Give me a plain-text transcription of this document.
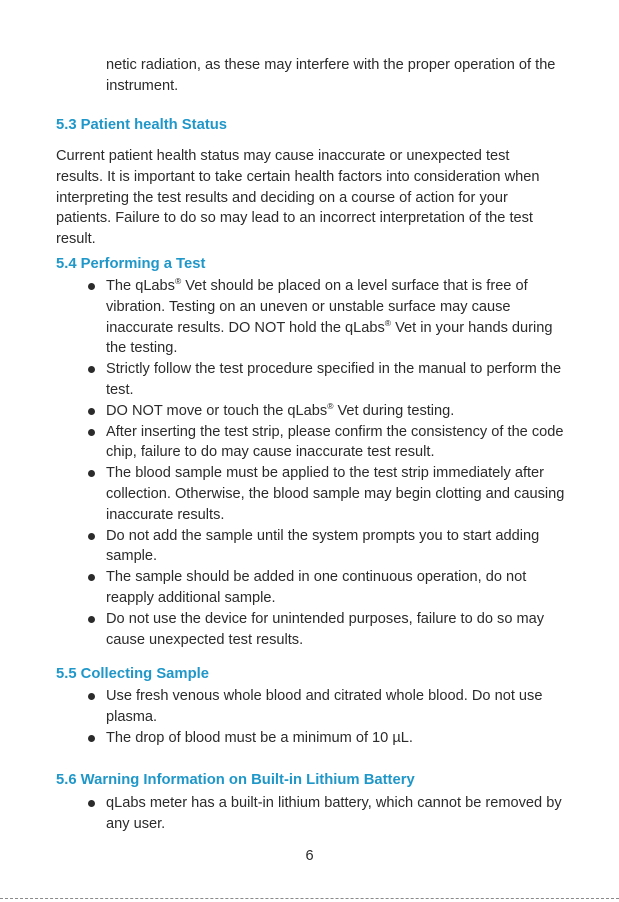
netic radiation, as these may interfere with the proper operation of the instrument.

5.3 Patient health Status

Current patient health status may cause inaccurate or unexpected test results. It is important to take certain health factors into consideration when interpreting the test results and deciding on a course of action for your patients. Failure to do so may lead to an incorrect interpretation of the test result.

5.4 Performing a Test
The qLabs® Vet should be placed on a level surface that is free of vibration. Testing on an uneven or unstable surface may cause inaccurate results. DO NOT hold the qLabs® Vet in your hands during the testing.
Strictly follow the test procedure specified in the manual to perform the test.
DO NOT move or touch the qLabs® Vet during testing.
After inserting the test strip, please confirm the consistency of the code chip, failure to do may cause inaccurate test result.
The blood sample must be applied to the test strip immediately after collection. Otherwise, the blood sample may begin clotting and causing inaccurate results.
Do not add the sample until the system prompts you to start adding sample.
The sample should be added in one continuous operation, do not reapply additional sample.
Do not use the device for unintended purposes, failure to do so may cause unexpected test results.
5.5 Collecting Sample
Use fresh venous whole blood and citrated whole blood. Do not use plasma.
The drop of blood must be a minimum of 10 µL.
5.6 Warning Information on Built-in Lithium Battery
qLabs meter has a built-in lithium battery, which cannot be removed by any user.
6
